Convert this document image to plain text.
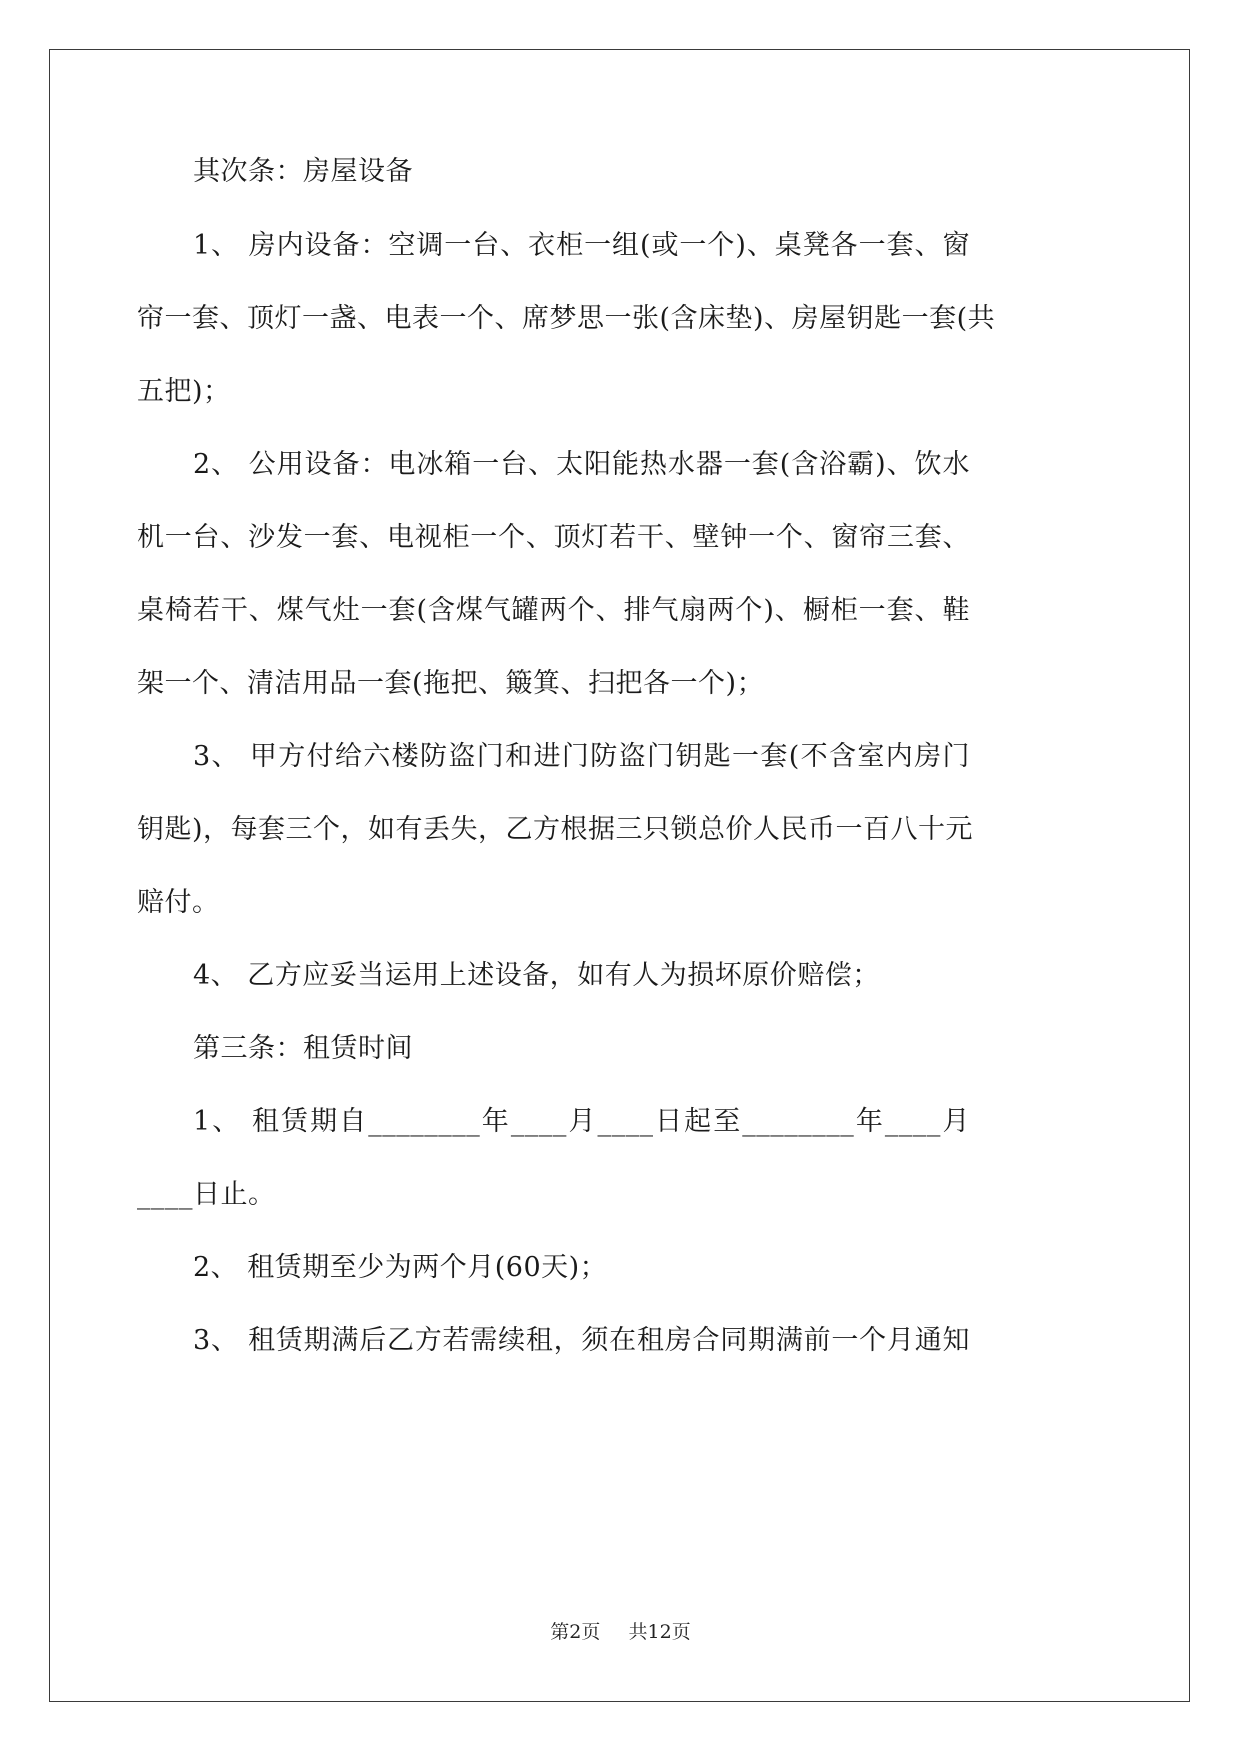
其次条：房屋设备
1、 房内设备：空调一台、衣柜一组(或一个)、桌凳各一套、窗
帘一套、顶灯一盏、电表一个、席梦思一张(含床垫)、房屋钥匙一套(共
五把)；
2、 公用设备：电冰箱一台、太阳能热水器一套(含浴霸)、饮水
机一台、沙发一套、电视柜一个、顶灯若干、壁钟一个、窗帘三套、
桌椅若干、煤气灶一套(含煤气罐两个、排气扇两个)、橱柜一套、鞋
架一个、清洁用品一套(拖把、簸箕、扫把各一个)；
3、 甲方付给六楼防盗门和进门防盗门钥匙一套(不含室内房门
钥匙)，每套三个，如有丢失，乙方根据三只锁总价人民币一百八十元
赔付。
4、 乙方应妥当运用上述设备，如有人为损坏原价赔偿；
第三条：租赁时间
1、 租赁期自________年____月____日起至________年____月
____日止。
2、 租赁期至少为两个月(60天)；
3、 租赁期满后乙方若需续租，须在租房合同期满前一个月通知
第2页 共12页
